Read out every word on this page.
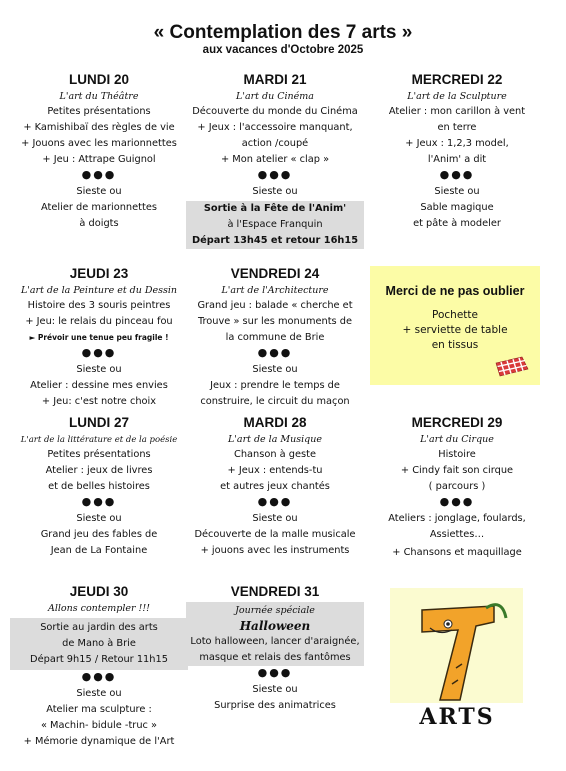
« Contemplation des 7 arts »
aux vacances d'Octobre 2025
LUNDI 20
L'art du Théâtre
Petites présentations
+ Kamishibaï des règles de vie
+ Jouons avec les marionnettes
+ Jeu : Attrape Guignol
●●●
Sieste ou
Atelier de marionnettes
à doigts
MARDI 21
L'art du Cinéma
Découverte du monde du Cinéma
+ Jeux : l'accessoire manquant,
action /coupé
+ Mon atelier « clap »
●●●
Sieste ou
Sortie à la Fête de l'Anim'
à l'Espace Franquin
Départ 13h45 et retour 16h15
MERCREDI 22
L'art de la Sculpture
Atelier : mon carillon à vent
en terre
+ Jeux : 1,2,3 model,
l'Anim' a dit
●●●
Sieste ou
Sable magique
et pâte à modeler
JEUDI 23
L'art de la Peinture et du Dessin
Histoire des 3 souris peintres
+ Jeu: le relais du pinceau fou
► Prévoir une tenue peu fragile !
●●●
Sieste ou
Atelier : dessine mes envies
+ Jeu: c'est notre choix
VENDREDI 24
L'art de l'Architecture
Grand jeu : balade « cherche et
Trouve » sur les monuments de
la commune de Brie
●●●
Sieste ou
Jeux : prendre le temps de
construire, le circuit du maçon
Merci de ne pas oublier
Pochette
+ serviette de table
en tissus
LUNDI 27
L'art de la littérature et de la poésie
Petites présentations
Atelier : jeux de livres
et de belles histoires
●●●
Sieste ou
Grand jeu des fables de
Jean de La Fontaine
MARDI 28
L'art de la Musique
Chanson à geste
+ Jeux : entends-tu
et autres jeux chantés
●●●
Sieste ou
Découverte de la malle musicale
+ jouons avec les instruments
MERCREDI 29
L'art du Cirque
Histoire
+ Cindy fait son cirque
( parcours )
●●●
Ateliers : jonglage, foulards,
Assiettes…
+ Chansons et maquillage
JEUDI 30
Allons contempler !!!
Sortie au jardin des arts
de Mano à Brie
Départ 9h15 / Retour 11h15
●●●
Sieste ou
Atelier ma sculpture :
« Machin- bidule -truc »
+ Mémorie dynamique de l'Art
VENDREDI 31
Journée spéciale
Halloween
Loto halloween, lancer d'araignée,
masque et relais des fantômes
●●●
Sieste ou
Surprise des animatrices	ARTS
